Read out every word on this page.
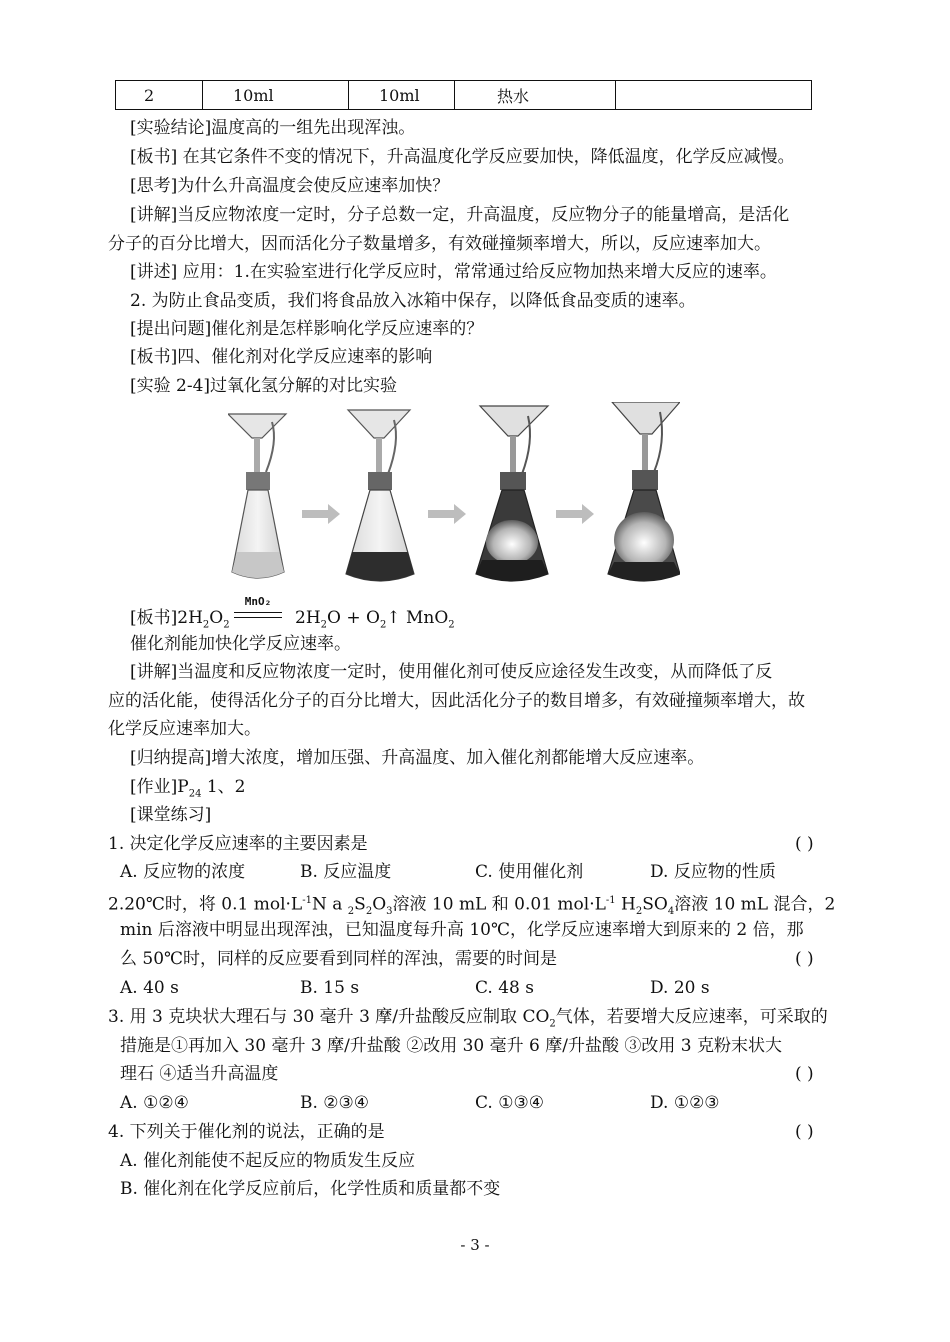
2	10ml	10ml	热水	
[实验结论]温度高的一组先出现浑浊。
[板书] 在其它条件不变的情况下，升高温度化学反应要加快，降低温度，化学反应减慢。
[思考]为什么升高温度会使反应速率加快？
[讲解]当反应物浓度一定时，分子总数一定，升高温度，反应物分子的能量增高，是活化
分子的百分比增大，因而活化分子数量增多，有效碰撞频率增大，所以，反应速率加大。
[讲述] 应用：1.在实验室进行化学反应时，常常通过给反应物加热来增大反应的速率。
2. 为防止食品变质，我们将食品放入冰箱中保存，以降低食品变质的速率。
[提出问题]催化剂是怎样影响化学反应速率的？
[板书]四、催化剂对化学反应速率的影响
[实验 2-4]过氧化氢分解的对比实验
[板书]$2H_2O_2$	$2H_2O$ + $O_2↑$ MnO$_2$
MnO₂
催化剂能加快化学反应速率。
[讲解]当温度和反应物浓度一定时，使用催化剂可使反应途径发生改变，从而降低了反
应的活化能，使得活化分子的百分比增大，因此活化分子的数目增多，有效碰撞频率增大，故
化学反应速率加大。
[归纳提高]增大浓度，增加压强、升高温度、加入催化剂都能增大反应速率。
[作业]$P_{24}$ 1、2
[课堂练习]
1. 决定化学反应速率的主要因素是	( )
A. 反应物的浓度	B. 反应温度	C. 使用催化剂	D. 反应物的性质
2.20℃时，将 0.1 $mol\cdot L^{-1}N$ a $_2S_2O_3$溶液 10 mL 和 0.01 $mol\cdot L^{-1}$ $H_2SO_4$溶液 10 mL 混合，2
min 后溶液中明显出现浑浊，已知温度每升高 10℃，化学反应速率增大到原来的 2 倍，那
么 50℃时，同样的反应要看到同样的浑浊，需要的时间是	( )
A. 40 s	B. 15 s	C. 48 s	D. 20 s
3. 用 3 克块状大理石与 30 毫升 3 摩/升盐酸反应制取 $CO_2$气体，若要增大反应速率，可采取的
措施是①再加入 30 毫升 3 摩/升盐酸 ②改用 30 毫升 6 摩/升盐酸 ③改用 3 克粉末状大
理石 ④适当升高温度	( )
A. ①②④	B. ②③④	C. ①③④	D. ①②③
4. 下列关于催化剂的说法，正确的是	( )
A. 催化剂能使不起反应的物质发生反应
B. 催化剂在化学反应前后，化学性质和质量都不变
- 3 -
